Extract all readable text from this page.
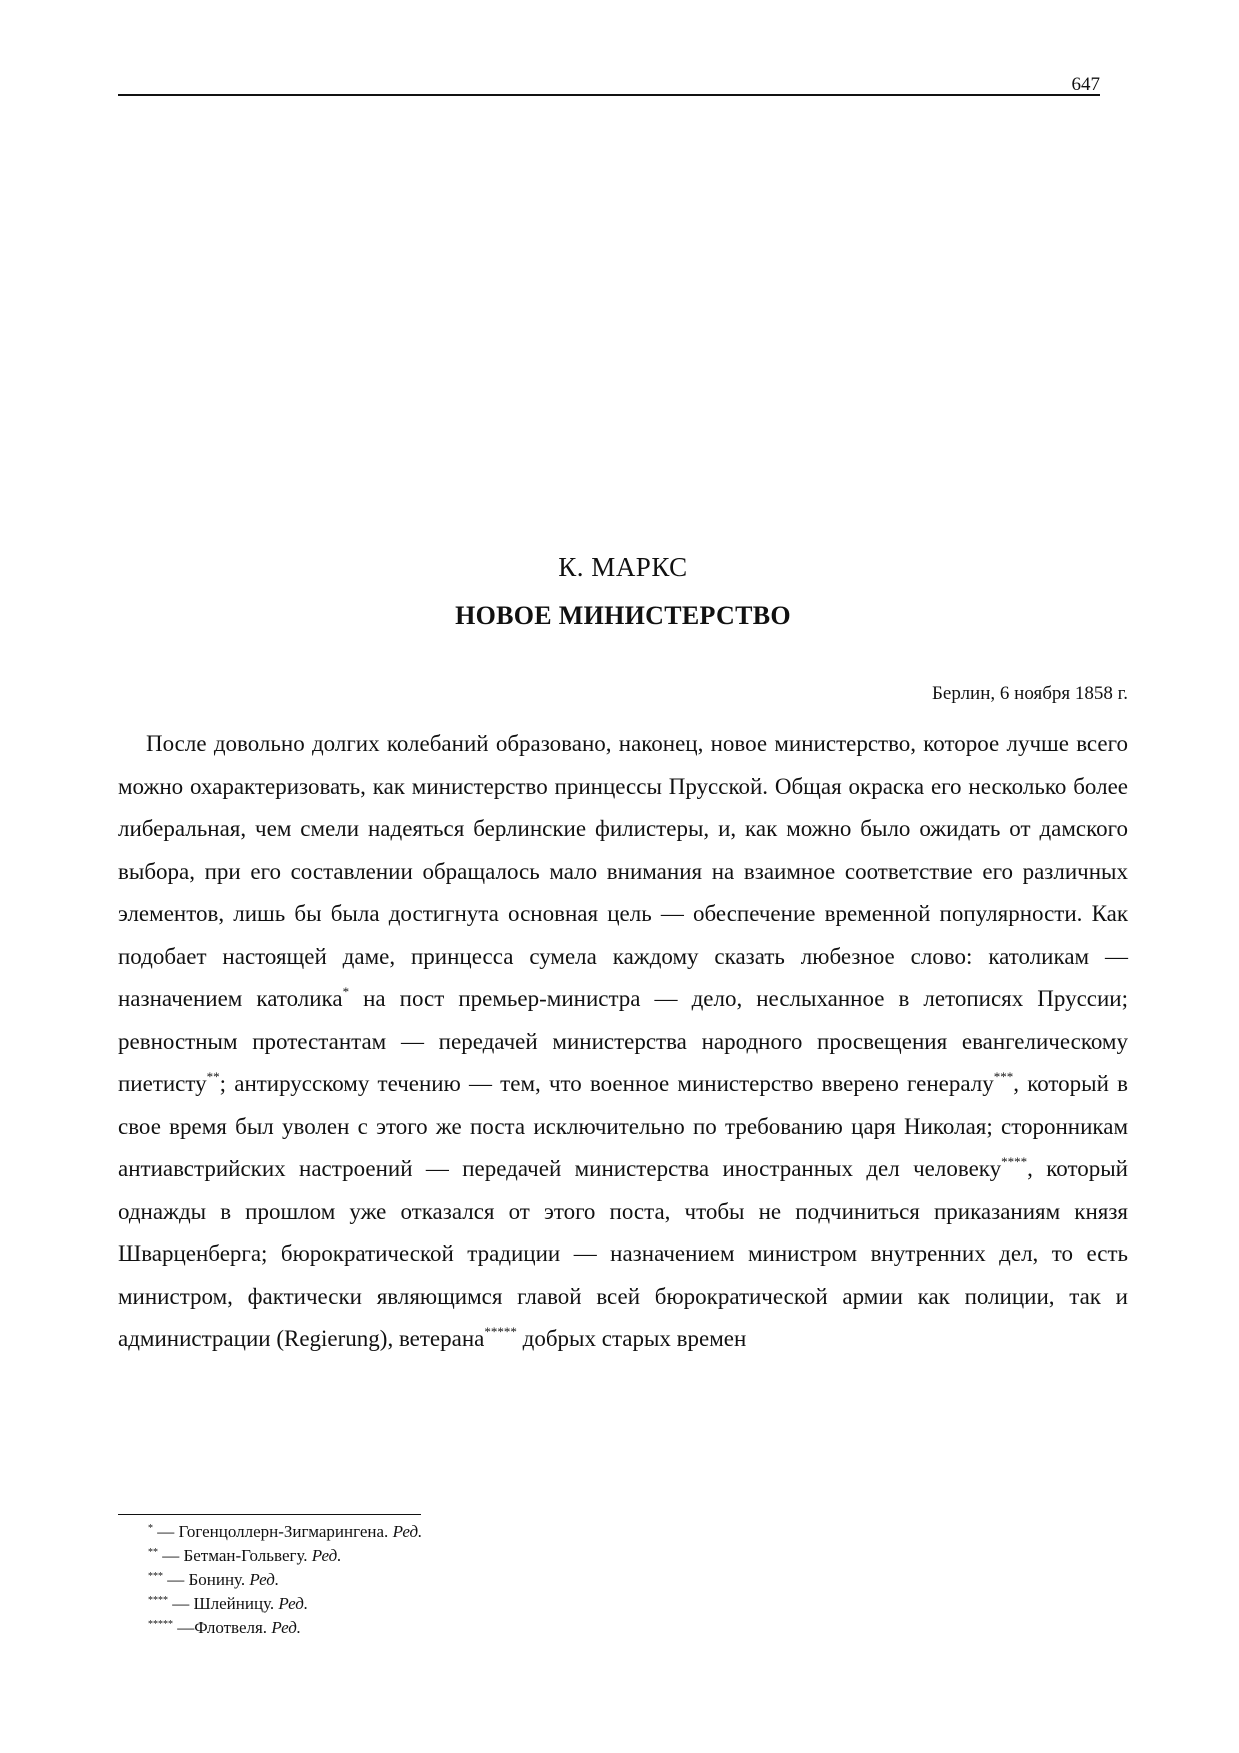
647
К. МАРКС
НОВОЕ МИНИСТЕРСТВО
Берлин, 6 ноября 1858 г.

После довольно долгих колебаний образовано, наконец, новое министерство, которое лучше всего можно охарактеризовать, как министерство принцессы Прусской. Общая окраска его несколько более либеральная, чем смели надеяться берлинские филистеры, и, как можно было ожидать от дамского выбора, при его составлении обращалось мало внимания на взаимное соответствие его различных элементов, лишь бы была достигнута основная цель — обеспечение временной популярности. Как подобает настоящей даме, принцесса сумела каждому сказать любезное слово: католикам — назначением католика* на пост премьер-министра — дело, неслыханное в летописях Пруссии; ревностным протестантам — передачей министерства народного просвещения евангелическому пиетисту**; антирусскому течению — тем, что военное министерство вверено генералу***, который в свое время был уволен с этого же поста исключительно по требованию царя Николая; сторонникам антиавстрийских настроений — передачей министерства иностранных дел человеку****, который однажды в прошлом уже отказался от этого поста, чтобы не подчиниться приказаниям князя Шварценберга; бюрократической традиции — назначением министром внутренних дел, то есть министром, фактически являющимся главой всей бюрократической армии как полиции, так и администрации (Regierung), ветерана***** добрых старых времен

* — Гогенцоллерн-Зигмарингена. Ред.
** — Бетман-Гольвегу. Ред.
*** — Бонину. Ред.
**** — Шлейницу. Ред.
***** —Флотвеля. Ред.
